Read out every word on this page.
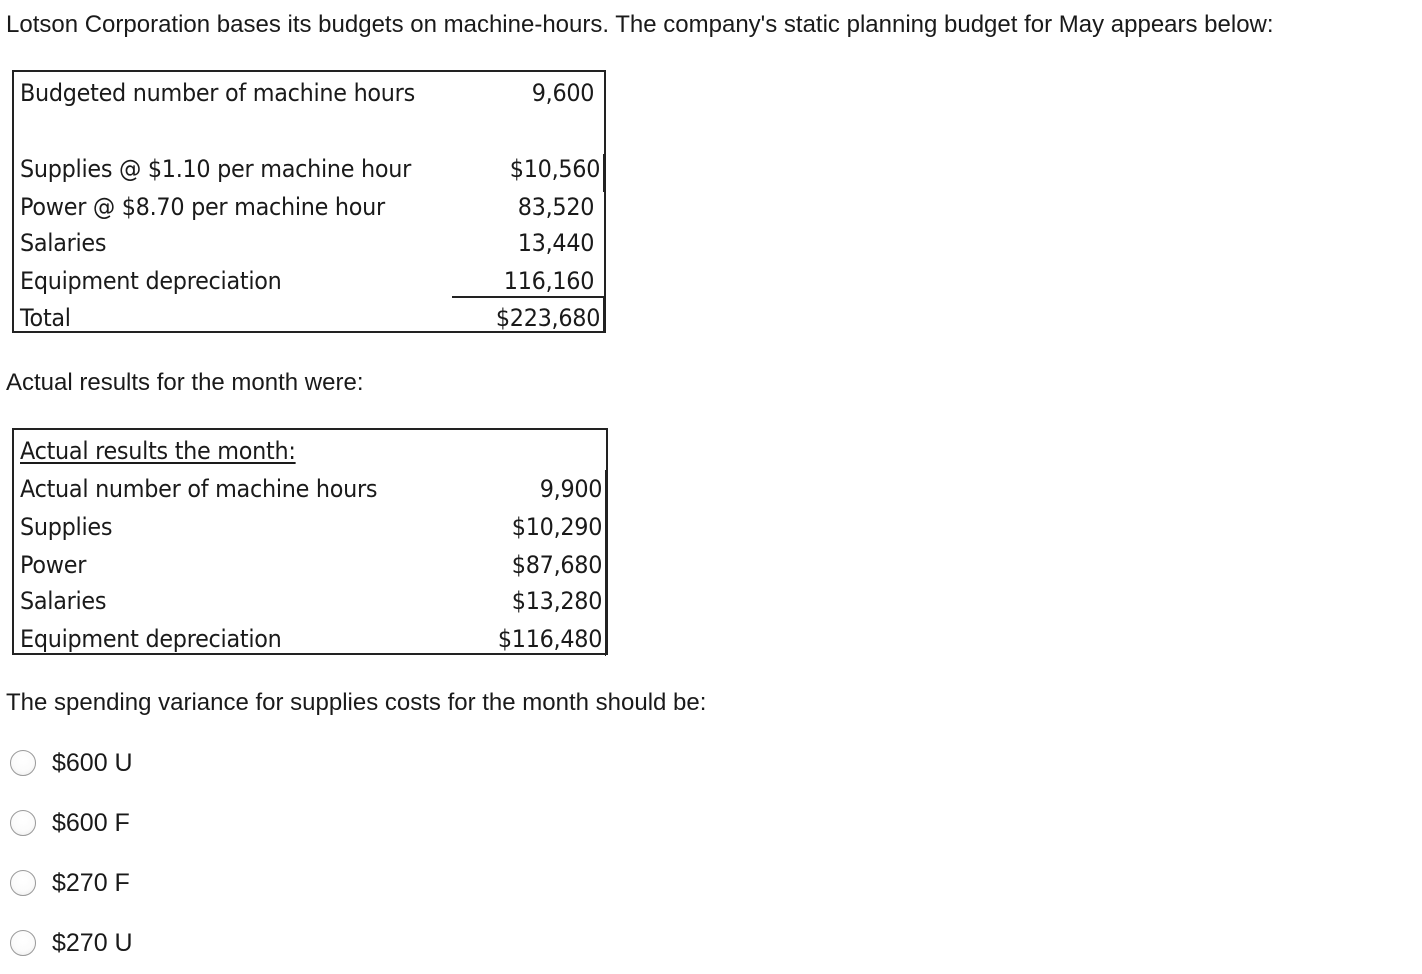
Lotson Corporation bases its budgets on machine-hours. The company's static planning budget for May appears below:

Budgeted number of machine hours	9,600
Supplies @ $1.10 per machine hour	$10,560
Power @ $8.70 per machine hour	83,520
Salaries	13,440
Equipment depreciation	116,160
Total	$223,680

Actual results for the month were:

Actual results the month:
Actual number of machine hours	9,900
Supplies	$10,290
Power	$87,680
Salaries	$13,280
Equipment depreciation	$116,480

The spending variance for supplies costs for the month should be:

$600 U
$600 F
$270 F
$270 U
